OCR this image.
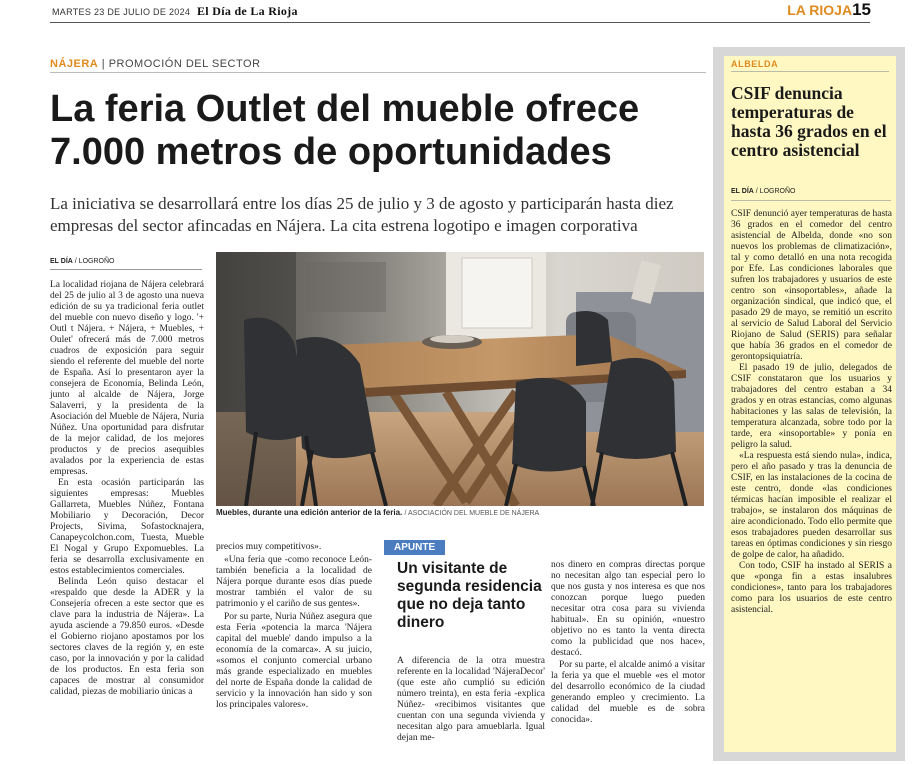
MARTES 23 DE JULIO DE 2024 El Día de La Rioja	LA RIOJA15
NÁJERA | PROMOCIÓN DEL SECTOR
La feria Outlet del mueble ofrece
7.000 metros de oportunidades

La iniciativa se desarrollará entre los días 25 de julio y 3 de agosto y participarán hasta diez empresas del sector afincadas en Nájera. La cita estrena logotipo e imagen corporativa

EL DÍA / LOGROÑO

La localidad riojana de Nájera celebrará del 25 de julio al 3 de agosto una nueva edición de su ya tradicional feria outlet del mueble con nuevo diseño y logo. '+ Outl t Nájera. + Nájera, + Muebles, + Oulet' ofrecerá más de 7.000 metros cuadros de exposición para seguir siendo el referente del mueble del norte de España. Así lo presentaron ayer la consejera de Economía, Belinda León, junto al alcalde de Nájera, Jorge Salaverri, y la presidenta de la Asociación del Mueble de Nájera, Nuria Núñez. Una oportunidad para disfrutar de la mejor calidad, de los mejores productos y de precios asequibles avalados por la experiencia de estas empresas.

En esta ocasión participarán las siguientes empresas: Muebles Gallarreta, Muebles Núñez, Fontana Mobiliario y Decoración, Decor Projects, Sivima, Sofastocknajera, Canapeycolchon.com, Tuesta, Mueble El Nogal y Grupo Expomuebles. La feria se desarrolla exclusivamente en estos establecimientos comerciales.

Belinda León quiso destacar el «respaldo que desde la ADER y la Consejería ofrecen a este sector que es clave para la industria de Nájera». La ayuda asciende a 79.850 euros. «Desde el Gobierno riojano apostamos por los sectores claves de la región y, en este caso, por la innovación y por la calidad de los productos. En esta feria son capaces de mostrar al consumidor calidad, piezas de mobiliario únicas a

Muebles, durante una edición anterior de la feria. / ASOCIACIÓN DEL MUEBLE DE NÁJERA

precios muy competitivos».

«Una feria que -como reconoce León- también beneficia a la localidad de Nájera porque durante esos días puede mostrar también el valor de su patrimonio y el cariño de sus gentes».

Por su parte, Nuria Núñez asegura que esta Feria «potencia la marca 'Nájera capital del mueble' dando impulso a la economía de la comarca». A su juicio, «somos el conjunto comercial urbano más grande especializado en muebles del norte de España donde la calidad de servicio y la innovación han sido y son los principales valores».

APUNTE
Un visitante de segunda residencia que no deja tanto dinero

A diferencia de la otra muestra referente en la localidad 'NájeraDecor' (que este año cumplió su edición número treinta), en esta feria -explica Núñez- «recibimos visitantes que cuentan con una segunda vivienda y necesitan algo para amueblarla. Igual dejan me-

nos dinero en compras directas porque no necesitan algo tan especial pero lo que nos gusta y nos interesa es que nos conozcan porque luego pueden necesitar otra cosa para su vivienda habitual». En su opinión, «nuestro objetivo no es tanto la venta directa como la publicidad que nos hace», destacó.

Por su parte, el alcalde animó a visitar la feria ya que el mueble «es el motor del desarrollo económico de la ciudad generando empleo y crecimiento. La calidad del mueble es de sobra conocida».

ALBELDA
CSIF denuncia temperaturas de hasta 36 grados en el centro asistencial
EL DÍA / LOGROÑO

CSIF denunció ayer temperaturas de hasta 36 grados en el comedor del centro asistencial de Albelda, donde «no son nuevos los problemas de climatización», tal y como detalló en una nota recogida por Efe. Las condiciones laborales que sufren los trabajadores y usuarios de este centro son «insoportables», añade la organización sindical, que indicó que, el pasado 29 de mayo, se remitió un escrito al servicio de Salud Laboral del Servicio Riojano de Salud (SERIS) para señalar que había 36 grados en el comedor de gerontopsiquiatría.

El pasado 19 de julio, delegados de CSIF constataron que los usuarios y trabajadores del centro estaban a 34 grados y en otras estancias, como algunas habitaciones y las salas de televisión, la temperatura alcanzada, sobre todo por la tarde, era «insoportable» y ponía en peligro la salud.

«La respuesta está siendo nula», indica, pero el año pasado y tras la denuncia de CSIF, en las instalaciones de la cocina de este centro, donde «las condiciones térmicas hacían imposible el realizar el trabajo», se instalaron dos máquinas de aire acondicionado. Todo ello permite que esos trabajadores pueden desarrollar sus tareas en óptimas condiciones y sin riesgo de golpe de calor, ha añadido.

Con todo, CSIF ha instado al SERIS a que «ponga fin a estas insalubres condiciones», tanto para los trabajadores como para los usuarios de este centro asistencial.
